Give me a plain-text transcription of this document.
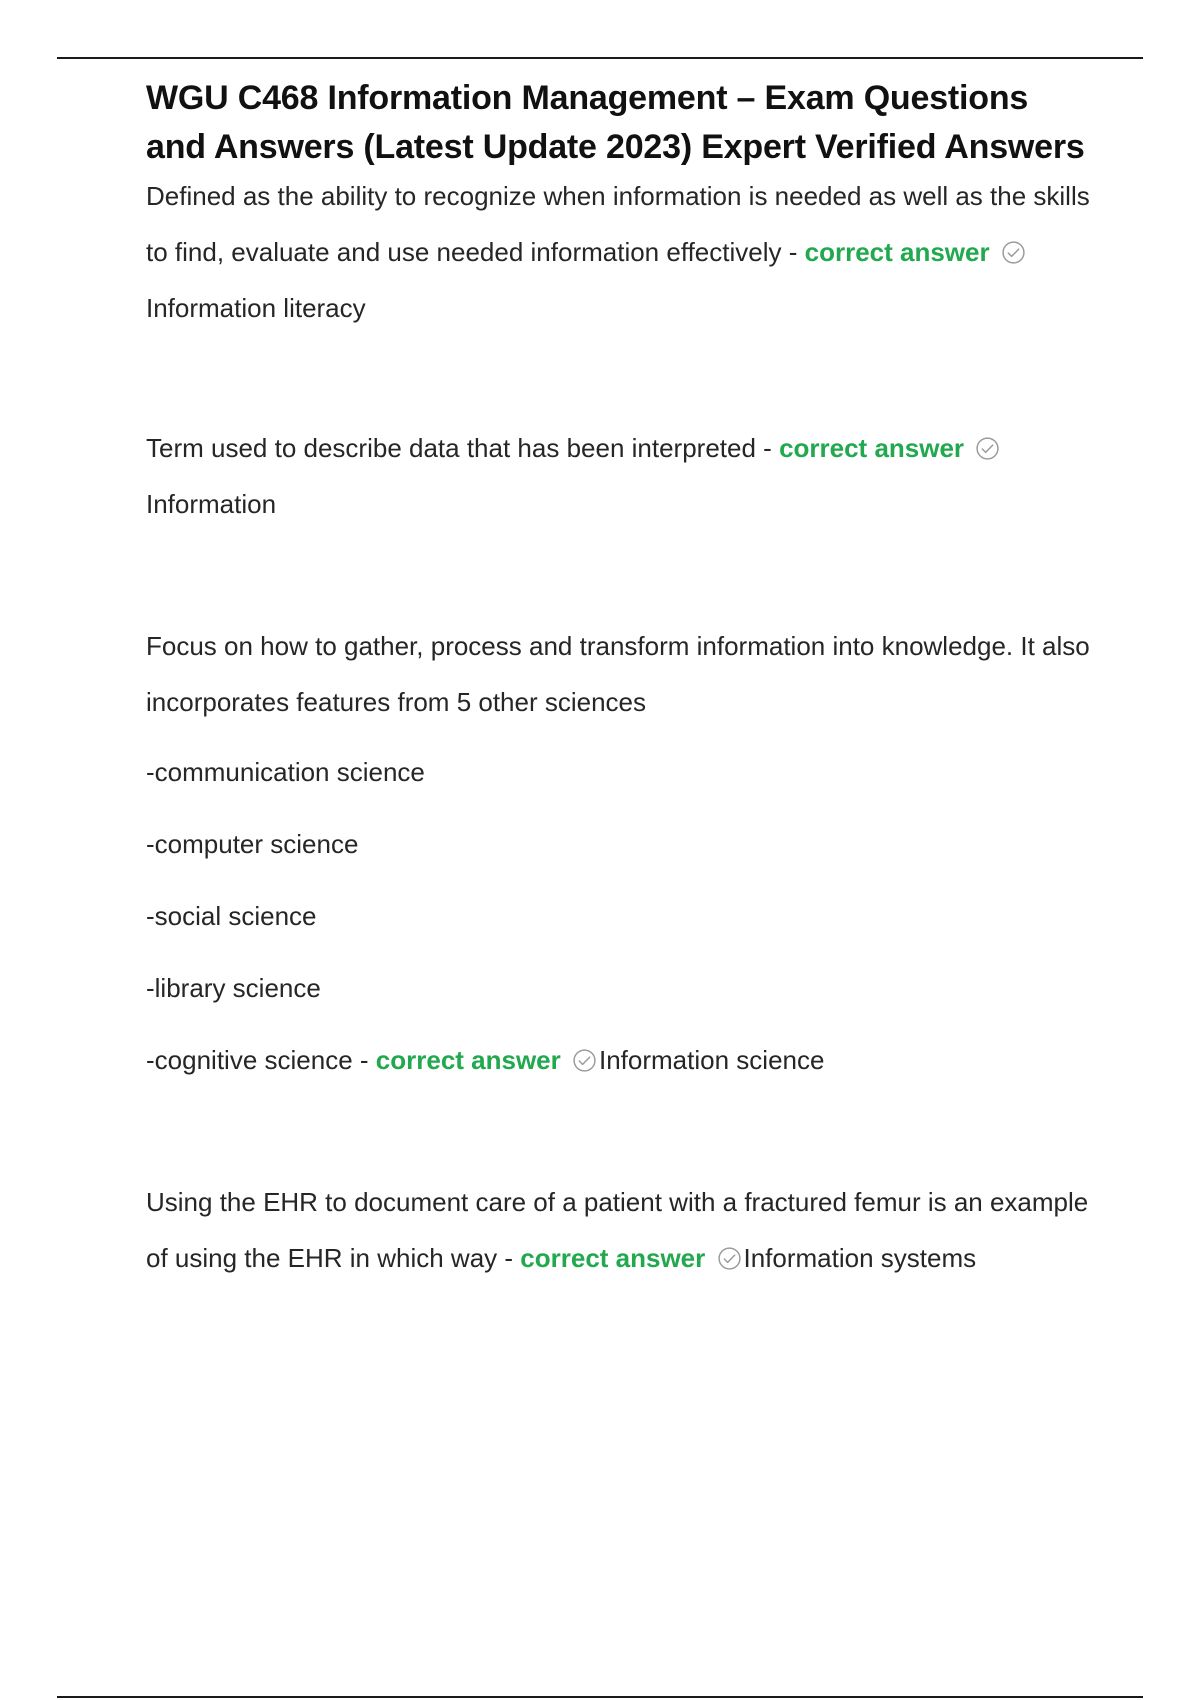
WGU C468 Information Management – Exam Questions and Answers (Latest Update 2023) Expert Verified Answers

Defined as the ability to recognize when information is needed as well as the skills to find, evaluate and use needed information effectively - correct answer
Information literacy

Term used to describe data that has been interpreted - correct answer
Information

Focus on how to gather, process and transform information into knowledge. It also incorporates features from 5 other sciences

-communication science

-computer science

-social science

-library science

-cognitive science - correct answer Information science

Using the EHR to document care of a patient with a fractured femur is an example of using the EHR in which way - correct answer Information systems
